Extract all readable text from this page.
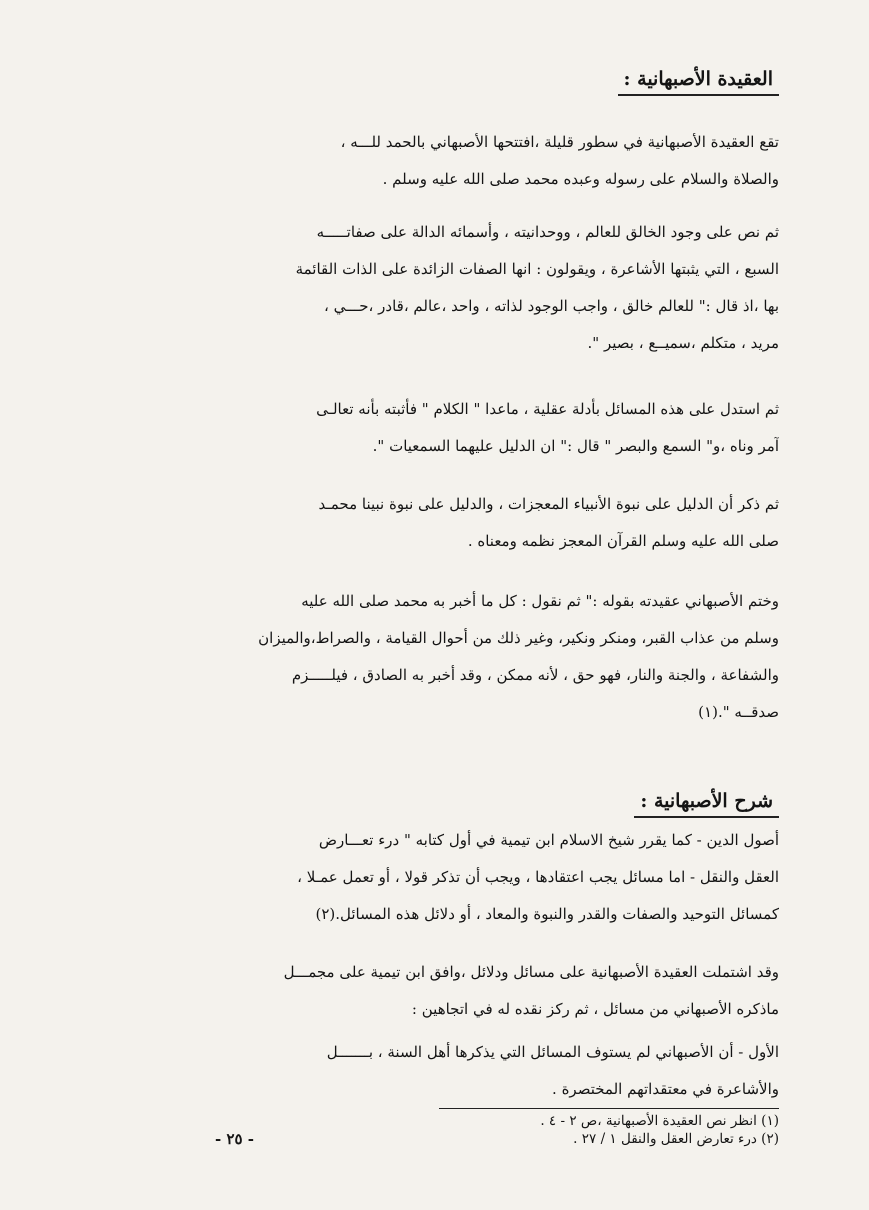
العقيدة الأصبهانية :
تقع العقيدة الأصبهانية في سطور قليلة ،افتتحها الأصبهاني بالحمد للـــه ،
والصلاة والسلام على رسوله وعبده محمد صلى الله عليه وسلم .
ثم نص على وجود الخالق للعالم ، ووحدانيته ، وأسمائه الدالة على صفاتـــــه
السبع ، التي يثبتها الأشاعرة ، ويقولون : انها الصفات الزائدة على الذات القائمة
بها ،اذ قال :" للعالم خالق ، واجب الوجود لذاته ، واحد ،عالم ،قادر ،حـــي ،
مريد ، متكلم ،سميــع ، بصير ".
ثم استدل على هذه المسائل بأدلة عقلية ، ماعدا " الكلام " فأثبته بأنه تعالـى
آمر وناه ،و" السمع والبصر " قال :" ان الدليل عليهما السمعيات ".
ثم ذكر أن الدليل على نبوة الأنبياء المعجزات ، والدليل على نبوة نبينا محمـد
صلى الله عليه وسلم القرآن المعجز نظمه ومعناه .
وختم الأصبهاني عقيدته بقوله :" ثم نقول : كل ما أخبر به محمد صلى الله عليه
وسلم من عذاب القبر، ومنكر ونكير، وغير ذلك من أحوال القيامة ، والصراط،والميزان
والشفاعة ، والجنة والنار، فهو حق ، لأنه ممكن ، وقد أخبر به الصادق ، فيلـــــزم
صدقــه ".(١)
شرح الأصبهانية :
أصول الدين - كما يقرر شيخ الاسلام ابن تيمية في أول كتابه " درء تعـــارض
العقل والنقل - اما مسائل يجب اعتقادها ، ويجب أن تذكر قولا ، أو تعمل عمـلا ،
كمسائل التوحيد والصفات والقدر والنبوة والمعاد ، أو دلائل هذه المسائل.(٢)
وقد اشتملت العقيدة الأصبهانية على مسائل ودلائل ،وافق ابن تيمية على مجمـــل
ماذكره الأصبهاني من مسائل ، ثم ركز نقده له في اتجاهين :
الأول - أن الأصبهاني لم يستوف المسائل التي يذكرها أهل السنة ، بـــــــل
والأشاعرة في معتقداتهم المختصرة .
(١) انظر نص العقيدة الأصبهانية ،ص ٢ - ٤ .
(٢) درء تعارض العقل والنقل ١ / ٢٧ .
- ٢٥ -
